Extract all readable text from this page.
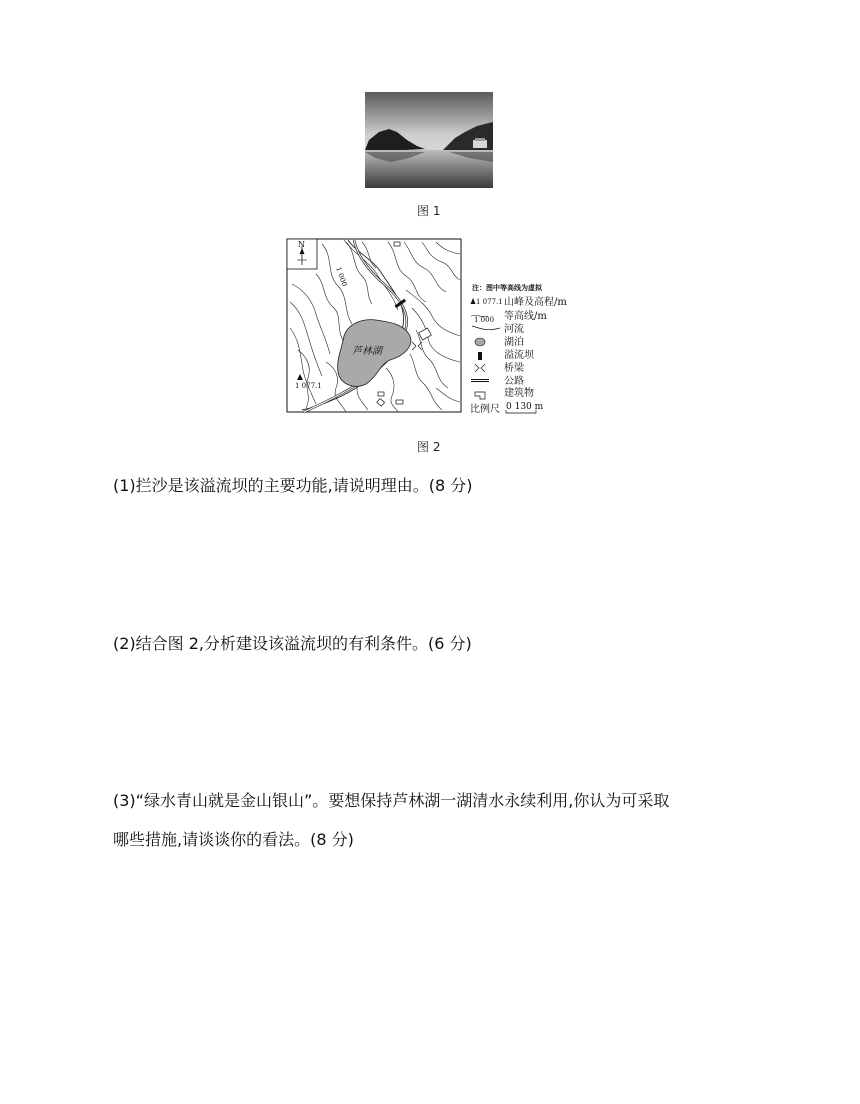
图 1
N
芦林湖
1 077.1
1 000
注：图中等高线为虚拟
1 077.1 山峰及高程/m
1 000 等高线/m
河流
湖泊
溢流坝
桥梁
公路
建筑物
比例尺 0 130 m
图 2
(1)拦沙是该溢流坝的主要功能,请说明理由。(8 分)
(2)结合图 2,分析建设该溢流坝的有利条件。(6 分)
(3)“绿水青山就是金山银山”。要想保持芦林湖一湖清水永续利用,你认为可采取
哪些措施,请谈谈你的看法。(8 分)
